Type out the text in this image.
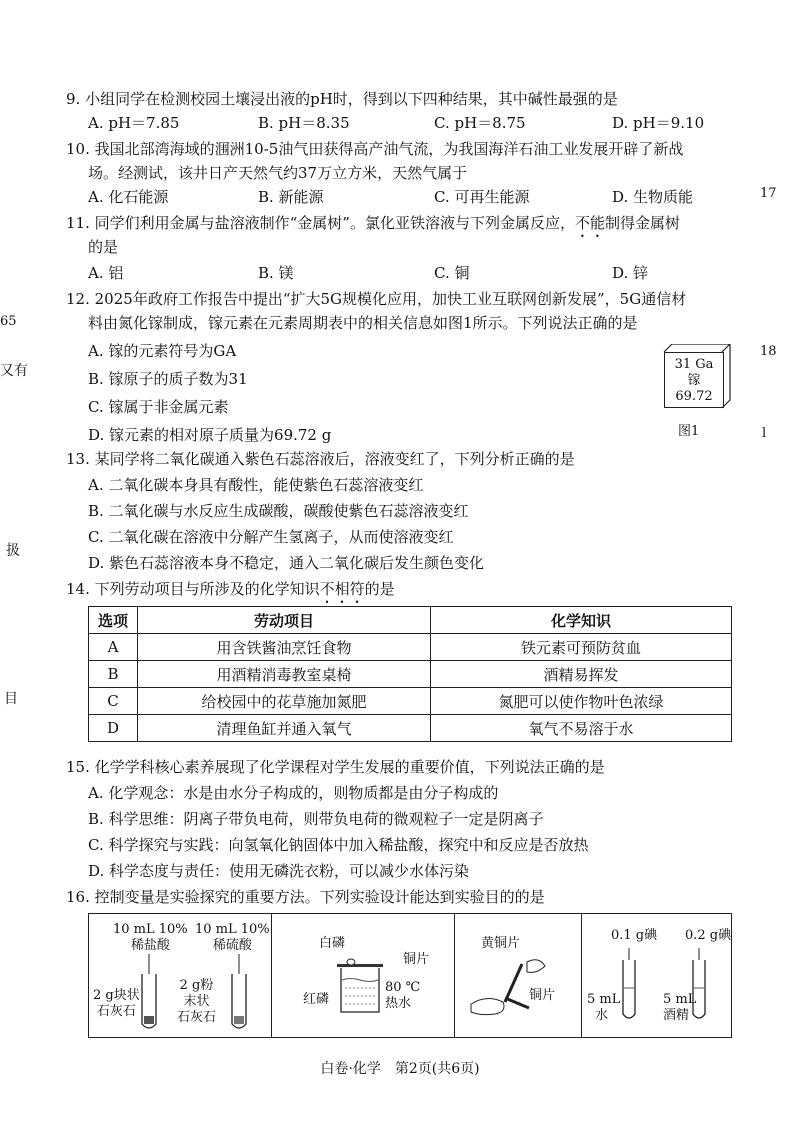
17
65
又有
18
l
扱
目
9. 小组同学在检测校园土壤浸出液的pH时，得到以下四种结果，其中碱性最强的是
A. pH＝7.85	B. pH＝8.35	C. pH＝8.75	D. pH＝9.10
10. 我国北部湾海域的涠洲10-5油气田获得高产油气流，为我国海洋石油工业发展开辟了新战
场。经测试，该井日产天然气约37万立方米，天然气属于
A. 化石能源	B. 新能源	C. 可再生能源	D. 生物质能
11. 同学们利用金属与盐溶液制作“金属树”。氯化亚铁溶液与下列金属反应，不能制得金属树
的是
A. 铝	B. 镁	C. 铜	D. 锌
12. 2025年政府工作报告中提出“扩大5G规模化应用，加快工业互联网创新发展”，5G通信材
料由氮化镓制成，镓元素在元素周期表中的相关信息如图1所示。下列说法正确的是
A. 镓的元素符号为GA
B. 镓原子的质子数为31
C. 镓属于非金属元素
D. 镓元素的相对原子质量为69.72 g
31 Ga
镓
69.72
图1
13. 某同学将二氧化碳通入紫色石蕊溶液后，溶液变红了，下列分析正确的是
A. 二氧化碳本身具有酸性，能使紫色石蕊溶液变红
B. 二氧化碳与水反应生成碳酸，碳酸使紫色石蕊溶液变红
C. 二氧化碳在溶液中分解产生氢离子，从而使溶液变红
D. 紫色石蕊溶液本身不稳定，通入二氧化碳后发生颜色变化
14. 下列劳动项目与所涉及的化学知识不相符的是
选项	劳动项目	化学知识
A	用含铁酱油烹饪食物	铁元素可预防贫血
B	用酒精消毒教室桌椅	酒精易挥发
C	给校园中的花草施加氮肥	氮肥可以使作物叶色浓绿
D	清理鱼缸并通入氧气	氧气不易溶于水
15. 化学学科核心素养展现了化学课程对学生发展的重要价值，下列说法正确的是
A. 化学观念：水是由水分子构成的，则物质都是由分子构成的
B. 科学思维：阴离子带负电荷，则带负电荷的微观粒子一定是阴离子
C. 科学探究与实践：向氢氧化钠固体中加入稀盐酸，探究中和反应是否放热
D. 科学态度与责任：使用无磷洗衣粉，可以减少水体污染
16. 控制变量是实验探究的重要方法。下列实验设计能达到实验目的的是
10 mL 10%
稀盐酸
10 mL 10%
稀硫酸
2 g块状
石灰石
2 g粉
末状
石灰石
白磷
铜片
红磷
80 ℃
热水
黄铜片
铜片
0.1 g碘 0.2 g碘
5 mL
水
5 mL
酒精
白卷·化学　第2页(共6页)
